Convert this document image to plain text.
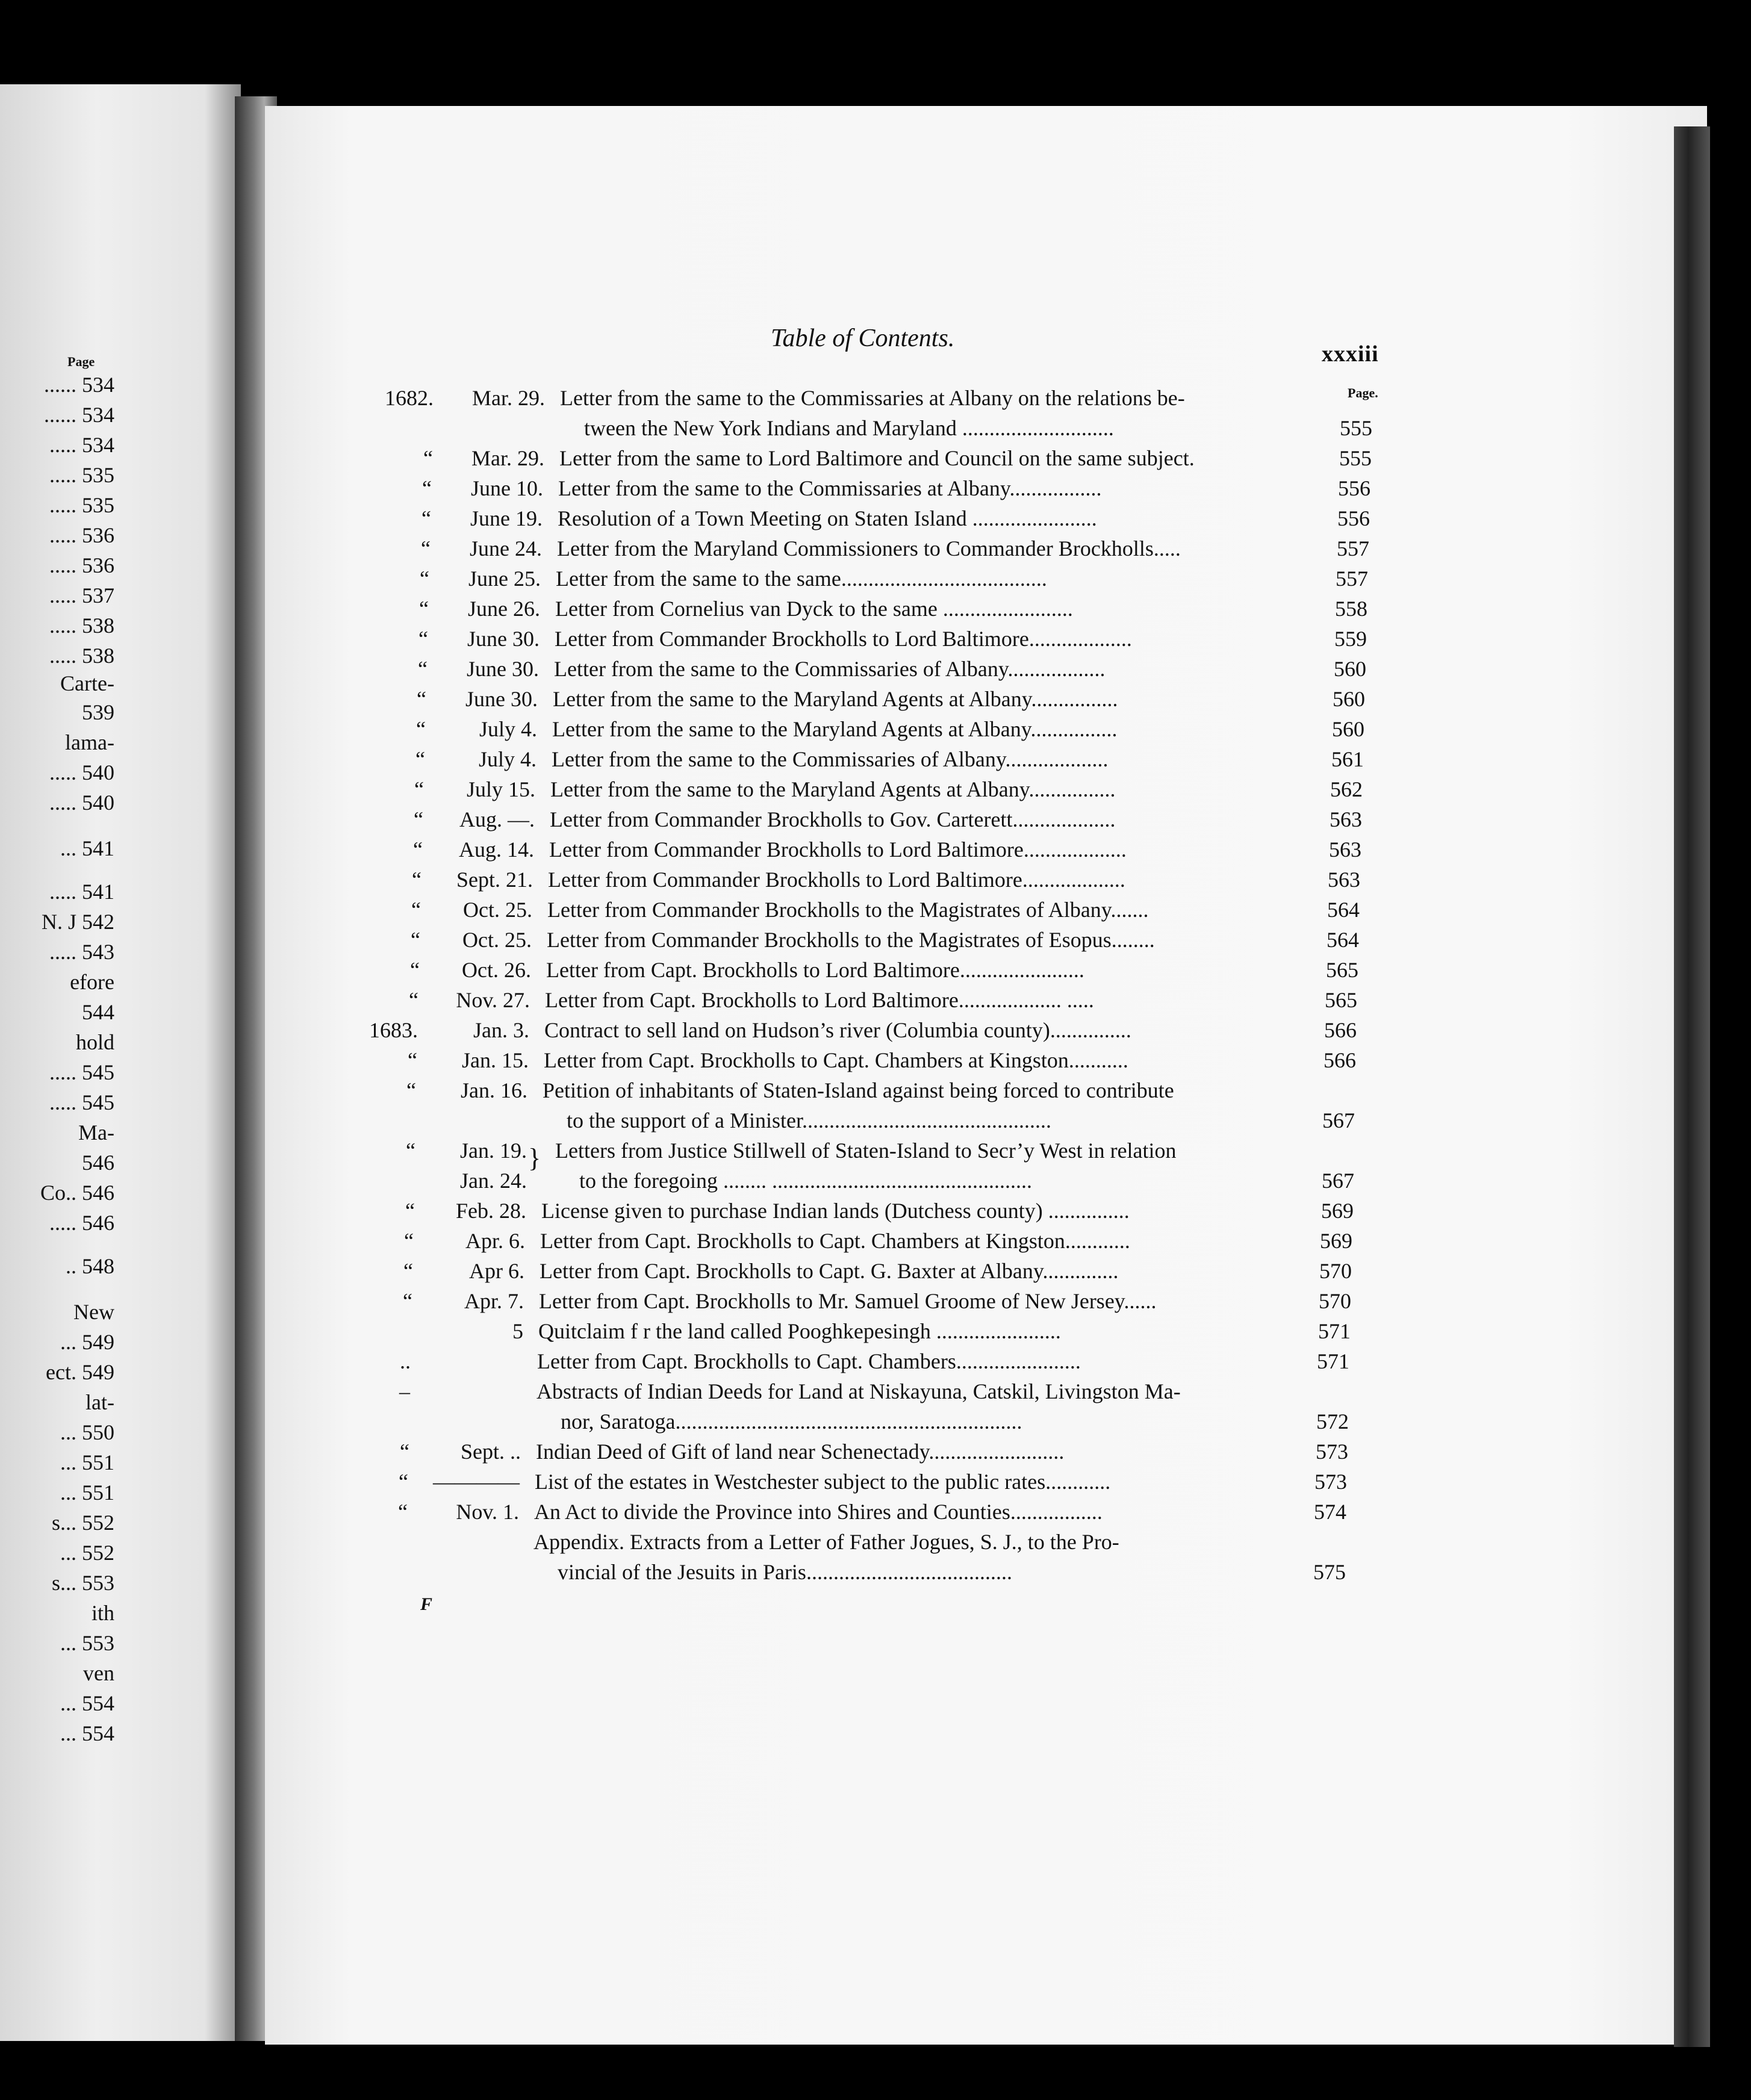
Page
...... 534
...... 534
..... 534
..... 535
..... 535
..... 536
..... 536
..... 537
..... 538
..... 538
Carte-
539
lama-
..... 540
..... 540
... 541
..... 541
N. J 542
..... 543
efore
544
hold
..... 545
..... 545
Ma-
546
Co.. 546
..... 546
.. 548
New
... 549
ect. 549
lat-
... 550
... 551
... 551
s... 552
... 552
s... 553
ith
... 553
ven
... 554
... 554
Table of Contents.
xxxiii
Page.
1682.	Mar. 29. Letter from the same to the Commissaries at Albany on the relations be-
tween the New York Indians and Maryland ............................	555
“	Mar. 29. Letter from the same to Lord Baltimore and Council on the same subject.	555
“	June 10. Letter from the same to the Commissaries at Albany.................	556
“	June 19. Resolution of a Town Meeting on Staten Island .......................	556
“	June 24. Letter from the Maryland Commissioners to Commander Brockholls.....	557
“	June 25. Letter from the same to the same......................................	557
“	June 26. Letter from Cornelius van Dyck to the same ........................	558
“	June 30. Letter from Commander Brockholls to Lord Baltimore...................	559
“	June 30. Letter from the same to the Commissaries of Albany..................	560
“	June 30. Letter from the same to the Maryland Agents at Albany................	560
“	July 4. Letter from the same to the Maryland Agents at Albany................	560
“	July 4. Letter from the same to the Commissaries of Albany...................	561
“	July 15. Letter from the same to the Maryland Agents at Albany................	562
“	Aug. —. Letter from Commander Brockholls to Gov. Carterett...................	563
“	Aug. 14. Letter from Commander Brockholls to Lord Baltimore...................	563
“	Sept. 21. Letter from Commander Brockholls to Lord Baltimore...................	563
“	Oct. 25. Letter from Commander Brockholls to the Magistrates of Albany.......	564
“	Oct. 25. Letter from Commander Brockholls to the Magistrates of Esopus........	564
“	Oct. 26. Letter from Capt. Brockholls to Lord Baltimore.......................	565
“	Nov. 27. Letter from Capt. Brockholls to Lord Baltimore................... .....	565
1683.	Jan. 3. Contract to sell land on Hudson’s river (Columbia county)...............	566
“	Jan. 15. Letter from Capt. Brockholls to Capt. Chambers at Kingston...........	566
“	Jan. 16. Petition of inhabitants of Staten-Island against being forced to contribute
to the support of a Minister..............................................	567
“	Jan. 19.
Jan. 24.
} Letters from Justice Stillwell of Staten-Island to Secr’y West in relation
to the foregoing ........ ................................................	567
“	Feb. 28. License given to purchase Indian lands (Dutchess county) ...............	569
“	Apr. 6. Letter from Capt. Brockholls to Capt. Chambers at Kingston............	569
“	Apr 6. Letter from Capt. Brockholls to Capt. G. Baxter at Albany..............	570
“	Apr. 7. Letter from Capt. Brockholls to Mr. Samuel Groome of New Jersey......	570
5 Quitclaim f r the land called Pooghkepesingh .......................	571
..	Letter from Capt. Brockholls to Capt. Chambers.......................	571
–	Abstracts of Indian Deeds for Land at Niskayuna, Catskil, Livingston Ma-
nor, Saratoga................................................................	572
“	Sept. .. Indian Deed of Gift of land near Schenectady.........................	573
“	———— List of the estates in Westchester subject to the public rates............	573
“	Nov. 1. An Act to divide the Province into Shires and Counties.................	574
Appendix. Extracts from a Letter of Father Jogues, S. J., to the Pro-
vincial of the Jesuits in Paris......................................	575
F
